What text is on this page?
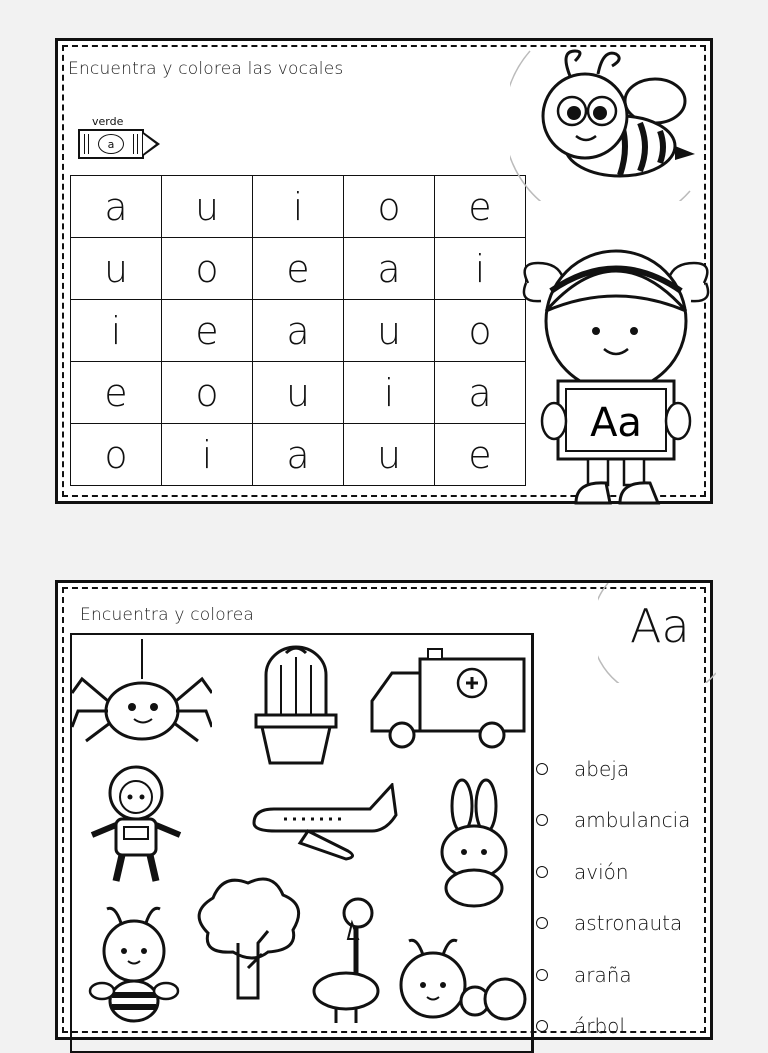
Encuentra y colorea las vocales
verde
a
a	u	i	o	e
u	o	e	a	i
i	e	a	u	o
e	o	u	i	a
o	i	a	u	e
Aa
Encuentra y colorea	Aa
abeja
ambulancia
avión
astronauta
araña
árbol
